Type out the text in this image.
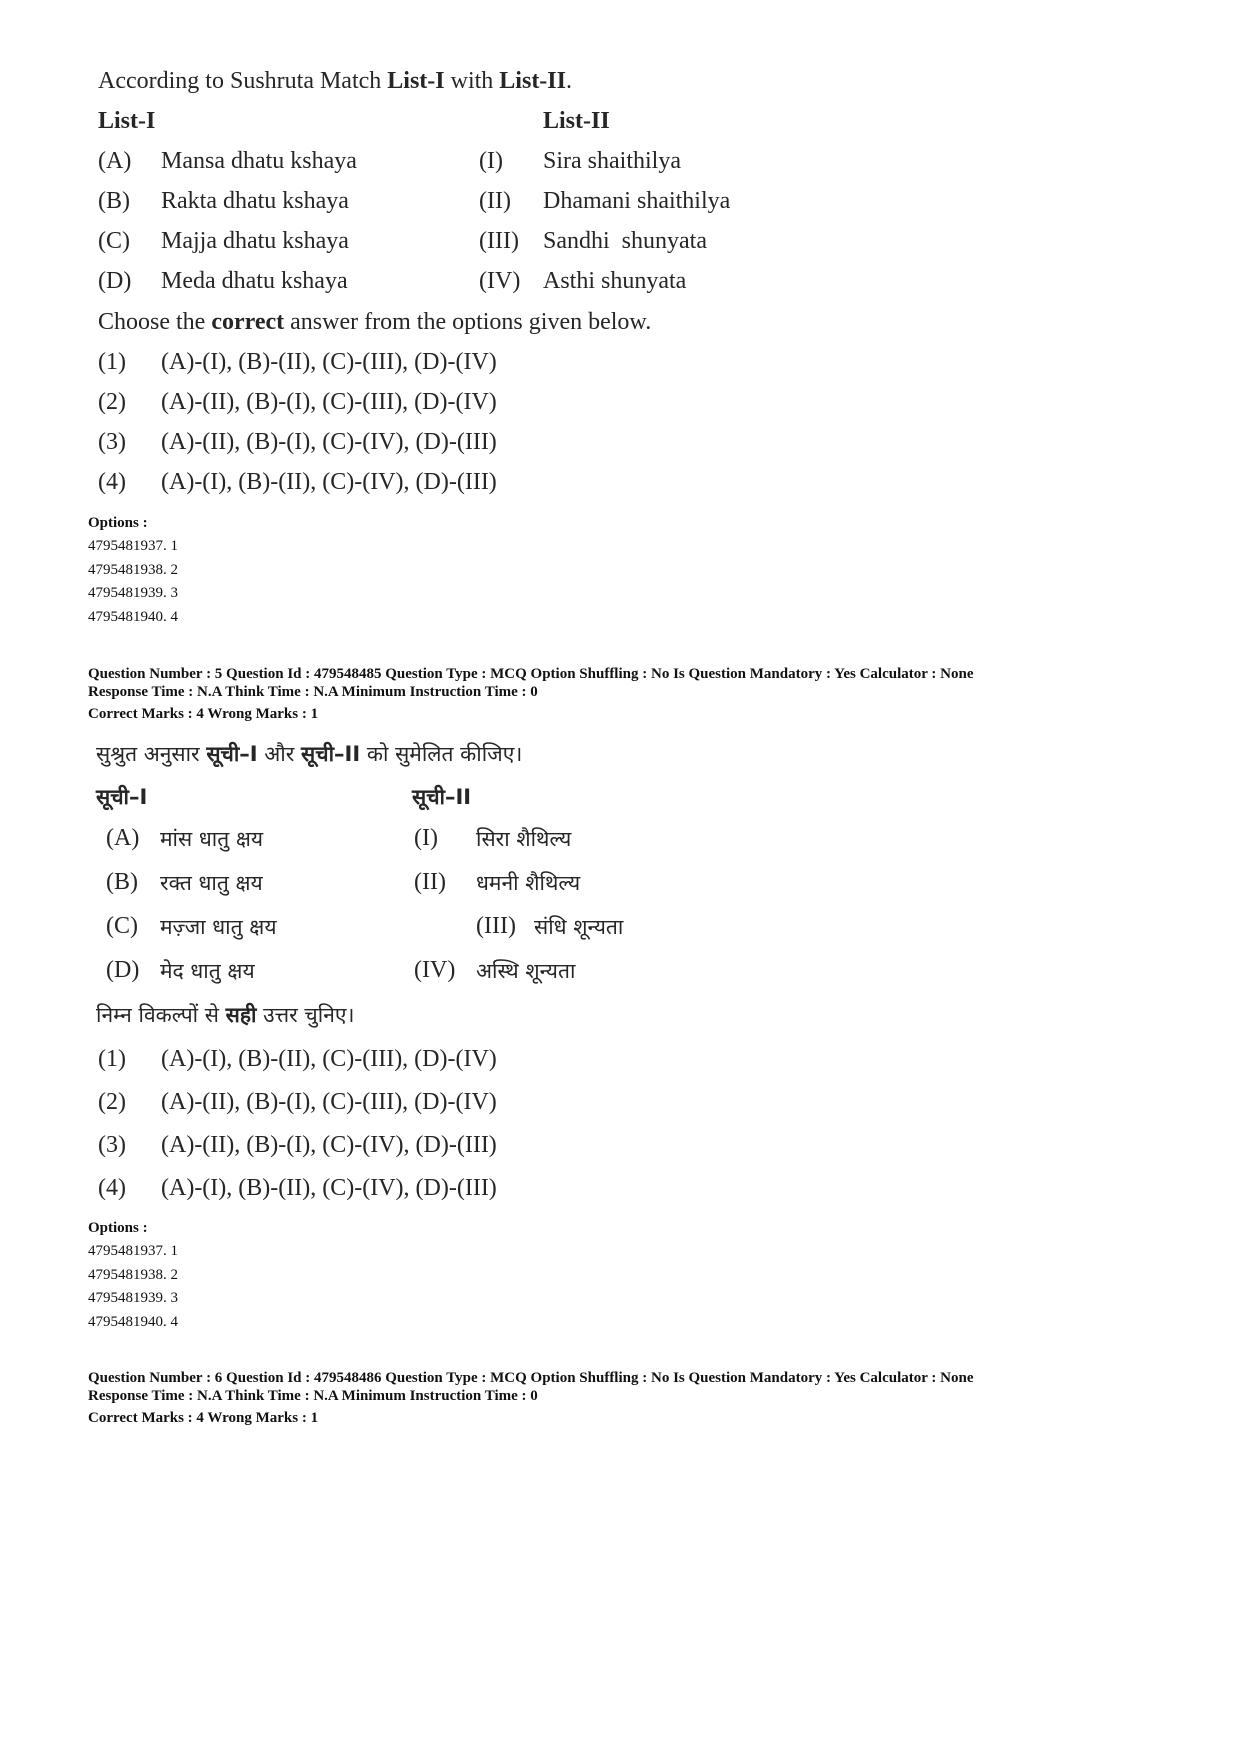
According to Sushruta Match List-I with List-II.
List-I	List-II
(A) Mansa dhatu kshaya	(I) Sira shaithilya
(B) Rakta dhatu kshaya	(II) Dhamani shaithilya
(C) Majja dhatu kshaya	(III) Sandhi  shunyata
(D) Meda dhatu kshaya	(IV) Asthi shunyata
Choose the correct answer from the options given below.
(1) (A)-(I), (B)-(II), (C)-(III), (D)-(IV)
(2) (A)-(II), (B)-(I), (C)-(III), (D)-(IV)
(3) (A)-(II), (B)-(I), (C)-(IV), (D)-(III)
(4) (A)-(I), (B)-(II), (C)-(IV), (D)-(III)
Options :
4795481937. 1
4795481938. 2
4795481939. 3
4795481940. 4
Question Number : 5 Question Id : 479548485 Question Type : MCQ Option Shuffling : No Is Question Mandatory : Yes Calculator : None
Response Time : N.A Think Time : N.A Minimum Instruction Time : 0
Correct Marks : 4 Wrong Marks : 1
सुश्रुत अनुसार सूची–I और सूची–II को सुमेलित कीजिए।
सूची–I	सूची–II
(A) मांस धातु क्षय	(I) सिरा शैथिल्य
(B) रक्त धातु क्षय	(II) धमनी शैथिल्य
(C) मज़्जा धातु क्षय	(III) संधि शून्यता
(D) मेद धातु क्षय	(IV) अस्थि शून्यता
निम्न विकल्पों से सही उत्तर चुनिए।
(1) (A)-(I), (B)-(II), (C)-(III), (D)-(IV)
(2) (A)-(II), (B)-(I), (C)-(III), (D)-(IV)
(3) (A)-(II), (B)-(I), (C)-(IV), (D)-(III)
(4) (A)-(I), (B)-(II), (C)-(IV), (D)-(III)
Options :
4795481937. 1
4795481938. 2
4795481939. 3
4795481940. 4
Question Number : 6 Question Id : 479548486 Question Type : MCQ Option Shuffling : No Is Question Mandatory : Yes Calculator : None
Response Time : N.A Think Time : N.A Minimum Instruction Time : 0
Correct Marks : 4 Wrong Marks : 1
